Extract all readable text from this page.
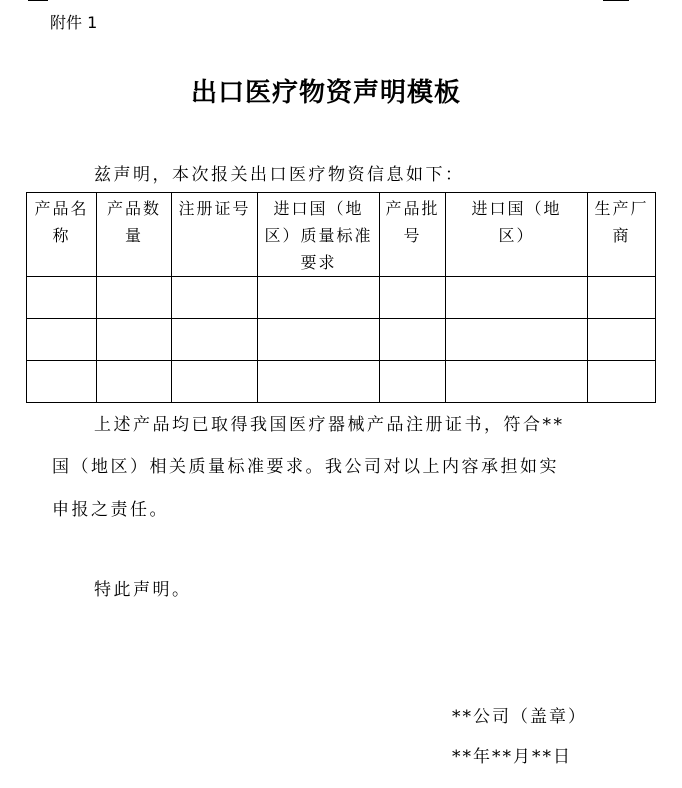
附件 1
出口医疗物资声明模板
兹声明，本次报关出口医疗物资信息如下：
产品名称	产品数量	注册证号	进口国（地区）质量标准要求	产品批号	进口国（地区）	生产厂商

上述产品均已取得我国医疗器械产品注册证书，符合**
国（地区）相关质量标准要求。我公司对以上内容承担如实
申报之责任。
特此声明。
**公司（盖章）
**年**月**日
